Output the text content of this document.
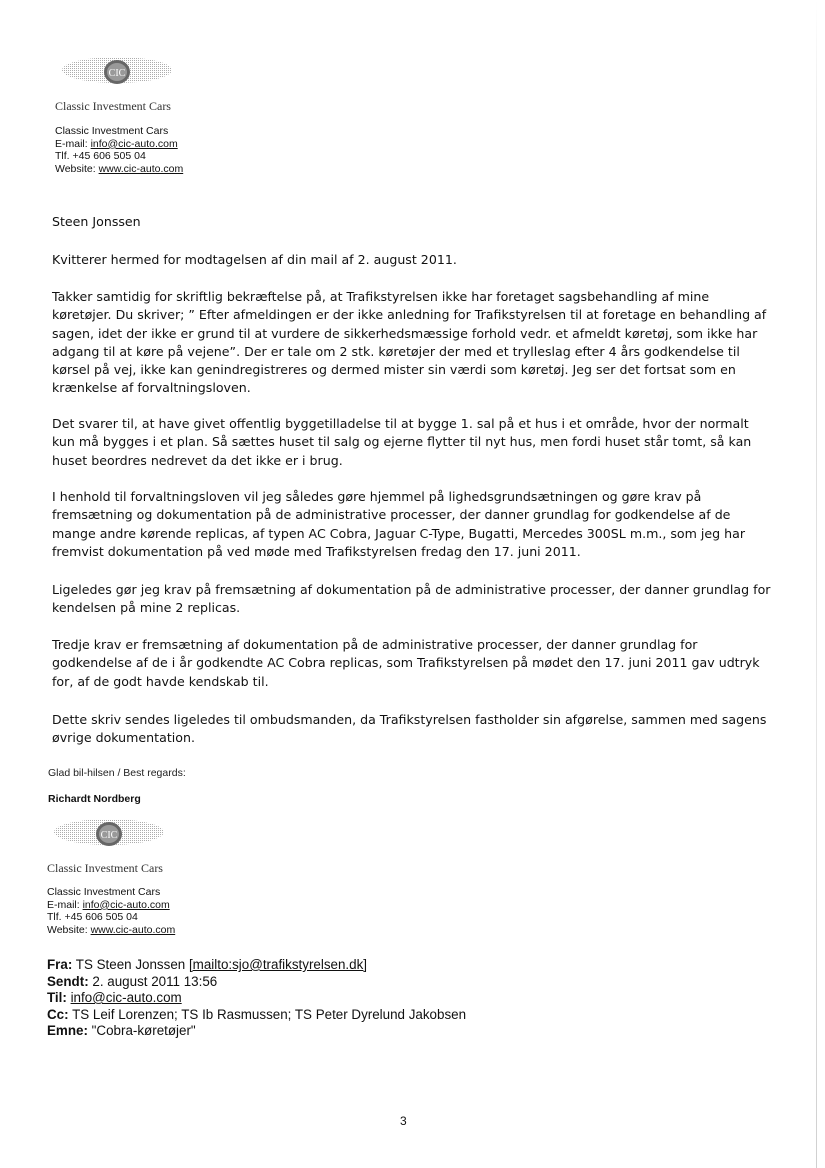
CIC
Classic Investment Cars
Classic Investment Cars
E-mail: info@cic-auto.com
Tlf. +45 606 505 04
Website: www.cic-auto.com

Steen Jonssen

Kvitterer hermed for modtagelsen af din mail af 2. august 2011.

Takker samtidig for skriftlig bekræftelse på, at Trafikstyrelsen ikke har foretaget sagsbehandling af mine køretøjer. Du skriver; ” Efter afmeldingen er der ikke anledning for Trafikstyrelsen til at foretage en behandling af sagen, idet der ikke er grund til at vurdere de sikkerhedsmæssige forhold vedr. et afmeldt køretøj, som ikke har adgang til at køre på vejene”. Der er tale om 2 stk. køretøjer der med et trylleslag efter 4 års godkendelse til kørsel på vej, ikke kan genindregistreres og dermed mister sin værdi som køretøj. Jeg ser det fortsat som en krænkelse af forvaltningsloven.

Det svarer til, at have givet offentlig byggetilladelse til at bygge 1. sal på et hus i et område, hvor der normalt kun må bygges i et plan. Så sættes huset til salg og ejerne flytter til nyt hus, men fordi huset står tomt, så kan huset beordres nedrevet da det ikke er i brug.

I henhold til forvaltningsloven vil jeg således gøre hjemmel på lighedsgrundsætningen og gøre krav på fremsætning og dokumentation på de administrative processer, der danner grundlag for godkendelse af de mange andre kørende replicas, af typen AC Cobra, Jaguar C-Type, Bugatti, Mercedes 300SL m.m., som jeg har fremvist dokumentation på ved møde med Trafikstyrelsen fredag den 17. juni 2011.

Ligeledes gør jeg krav på fremsætning af dokumentation på de administrative processer, der danner grundlag for kendelsen på mine 2 replicas.

Tredje krav er fremsætning af dokumentation på de administrative processer, der danner grundlag for godkendelse af de i år godkendte AC Cobra replicas, som Trafikstyrelsen på mødet den 17. juni 2011 gav udtryk for, af de godt havde kendskab til.

Dette skriv sendes ligeledes til ombudsmanden, da Trafikstyrelsen fastholder sin afgørelse, sammen med sagens øvrige dokumentation.

Glad bil-hilsen / Best regards:
Richardt Nordberg
CIC
Classic Investment Cars
Classic Investment Cars
E-mail: info@cic-auto.com
Tlf. +45 606 505 04
Website: www.cic-auto.com
Fra: TS Steen Jonssen [mailto:sjo@trafikstyrelsen.dk]
Sendt: 2. august 2011 13:56
Til: info@cic-auto.com
Cc: TS Leif Lorenzen; TS Ib Rasmussen; TS Peter Dyrelund Jakobsen
Emne: "Cobra-køretøjer"
3
